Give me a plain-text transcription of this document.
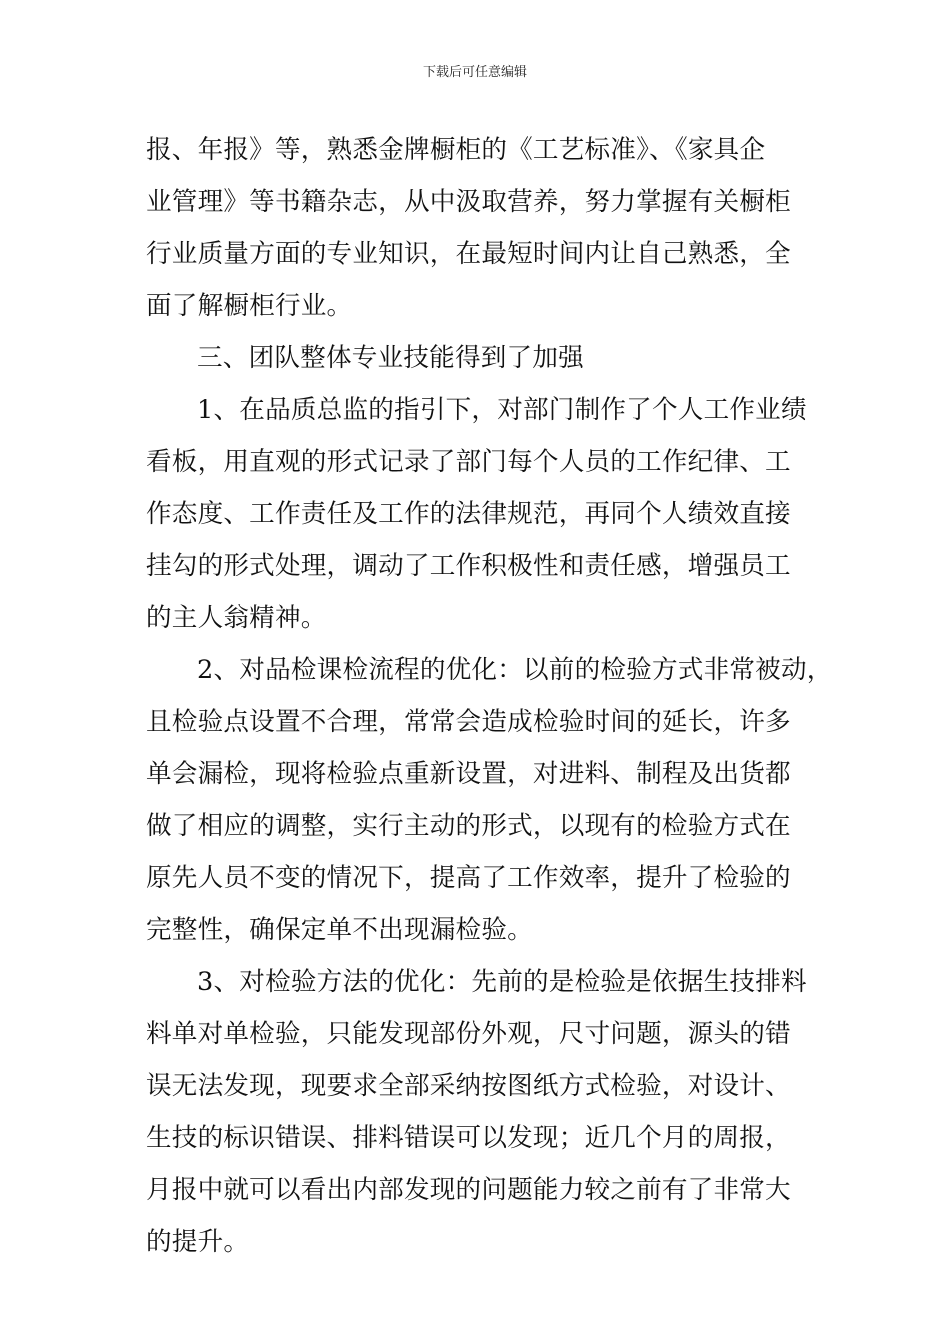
下载后可任意编辑
报、年报》等，熟悉金牌橱柜的《工艺标准》、《家具企
业管理》等书籍杂志，从中汲取营养，努力掌握有关橱柜
行业质量方面的专业知识，在最短时间内让自己熟悉，全
面了解橱柜行业。
三、团队整体专业技能得到了加强
1、在品质总监的指引下，对部门制作了个人工作业绩
看板，用直观的形式记录了部门每个人员的工作纪律、工
作态度、工作责任及工作的法律规范，再同个人绩效直接
挂勾的形式处理，调动了工作积极性和责任感，增强员工
的主人翁精神。
2、对品检课检流程的优化：以前的检验方式非常被动，
且检验点设置不合理，常常会造成检验时间的延长，许多
单会漏检，现将检验点重新设置，对进料、制程及出货都
做了相应的调整，实行主动的形式，以现有的检验方式在
原先人员不变的情况下，提高了工作效率，提升了检验的
完整性，确保定单不出现漏检验。
3、对检验方法的优化：先前的是检验是依据生技排料
料单对单检验，只能发现部份外观，尺寸问题，源头的错
误无法发现，现要求全部采纳按图纸方式检验，对设计、
生技的标识错误、排料错误可以发现；近几个月的周报，
月报中就可以看出内部发现的问题能力较之前有了非常大
的提升。
